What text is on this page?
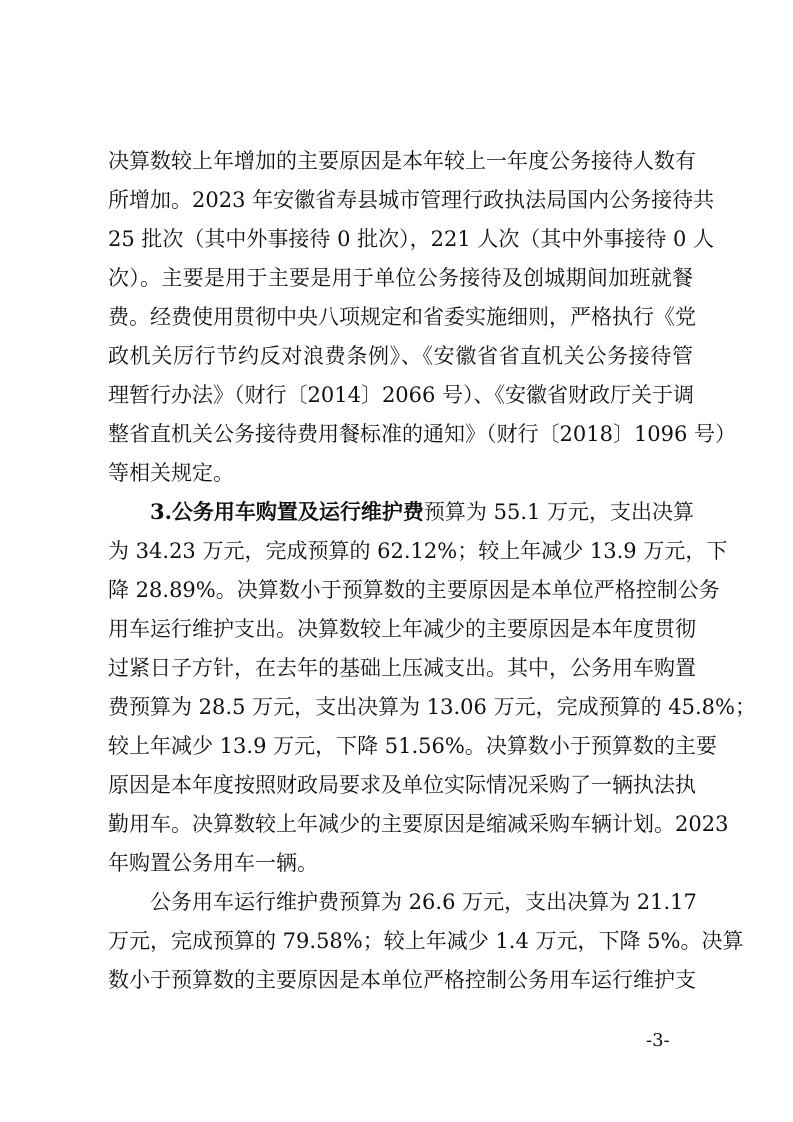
决算数较上年增加的主要原因是本年较上一年度公务接待人数有
所增加。2023 年安徽省寿县城市管理行政执法局国内公务接待共
25 批次（其中外事接待 0 批次），221 人次（其中外事接待 0 人
次）。主要是用于主要是用于单位公务接待及创城期间加班就餐
费。经费使用贯彻中央八项规定和省委实施细则，严格执行《党
政机关厉行节约反对浪费条例》、《安徽省省直机关公务接待管
理暂行办法》（财行〔2014〕2066 号）、《安徽省财政厅关于调
整省直机关公务接待费用餐标准的通知》（财行〔2018〕1096 号）
等相关规定。
3.公务用车购置及运行维护费预算为 55.1 万元，支出决算
为 34.23 万元，完成预算的 62.12%；较上年减少 13.9 万元，下
降 28.89%。决算数小于预算数的主要原因是本单位严格控制公务
用车运行维护支出。决算数较上年减少的主要原因是本年度贯彻
过紧日子方针，在去年的基础上压减支出。其中，公务用车购置
费预算为 28.5 万元，支出决算为 13.06 万元，完成预算的 45.8%；
较上年减少 13.9 万元，下降 51.56%。决算数小于预算数的主要
原因是本年度按照财政局要求及单位实际情况采购了一辆执法执
勤用车。决算数较上年减少的主要原因是缩减采购车辆计划。2023
年购置公务用车一辆。
公务用车运行维护费预算为 26.6 万元，支出决算为 21.17
万元，完成预算的 79.58%；较上年减少 1.4 万元，下降 5%。决算
数小于预算数的主要原因是本单位严格控制公务用车运行维护支
-3-
